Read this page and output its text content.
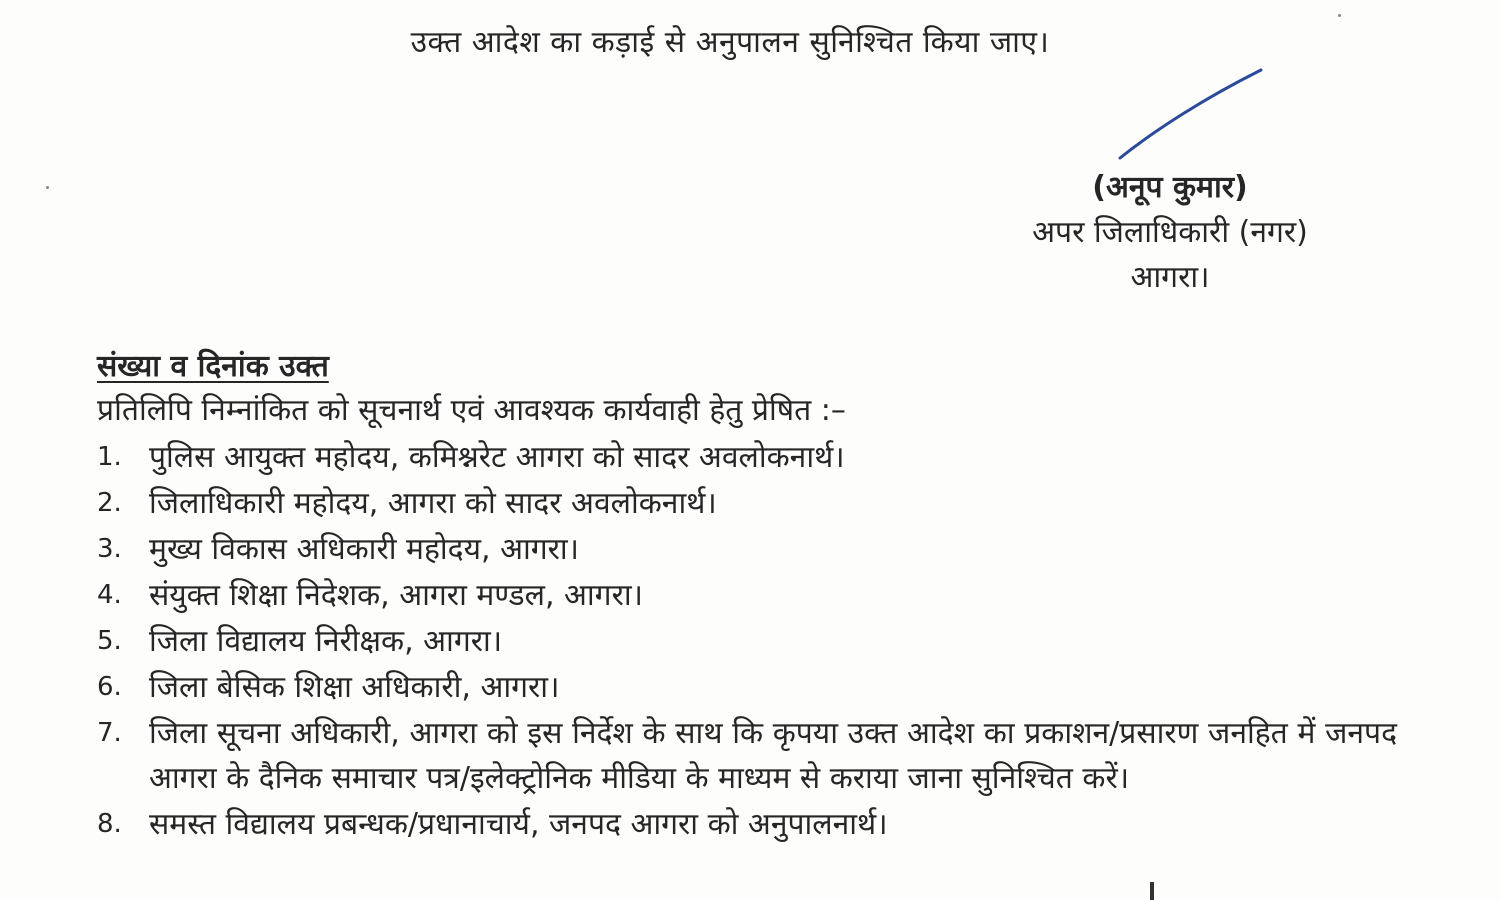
उक्त आदेश का कड़ाई से अनुपालन सुनिश्चित किया जाए।
(अनूप कुमार)
अपर जिलाधिकारी (नगर)
आगरा।
संख्या व दिनांक उक्त
प्रतिलिपि निम्नांकित को सूचनार्थ एवं आवश्यक कार्यवाही हेतु प्रेषित :–
1. पुलिस आयुक्त महोदय, कमिश्नरेट आगरा को सादर अवलोकनार्थ।
2. जिलाधिकारी महोदय, आगरा को सादर अवलोकनार्थ।
3. मुख्य विकास अधिकारी महोदय, आगरा।
4. संयुक्त शिक्षा निदेशक, आगरा मण्डल, आगरा।
5. जिला विद्यालय निरीक्षक, आगरा।
6. जिला बेसिक शिक्षा अधिकारी, आगरा।
7. जिला सूचना अधिकारी, आगरा को इस निर्देश के साथ कि कृपया उक्त आदेश का प्रकाशन/प्रसारण जनहित में जनपद आगरा के दैनिक समाचार पत्र/इलेक्ट्रोनिक मीडिया के माध्यम से कराया जाना सुनिश्चित करें।
8. समस्त विद्यालय प्रबन्धक/प्रधानाचार्य, जनपद आगरा को अनुपालनार्थ।
